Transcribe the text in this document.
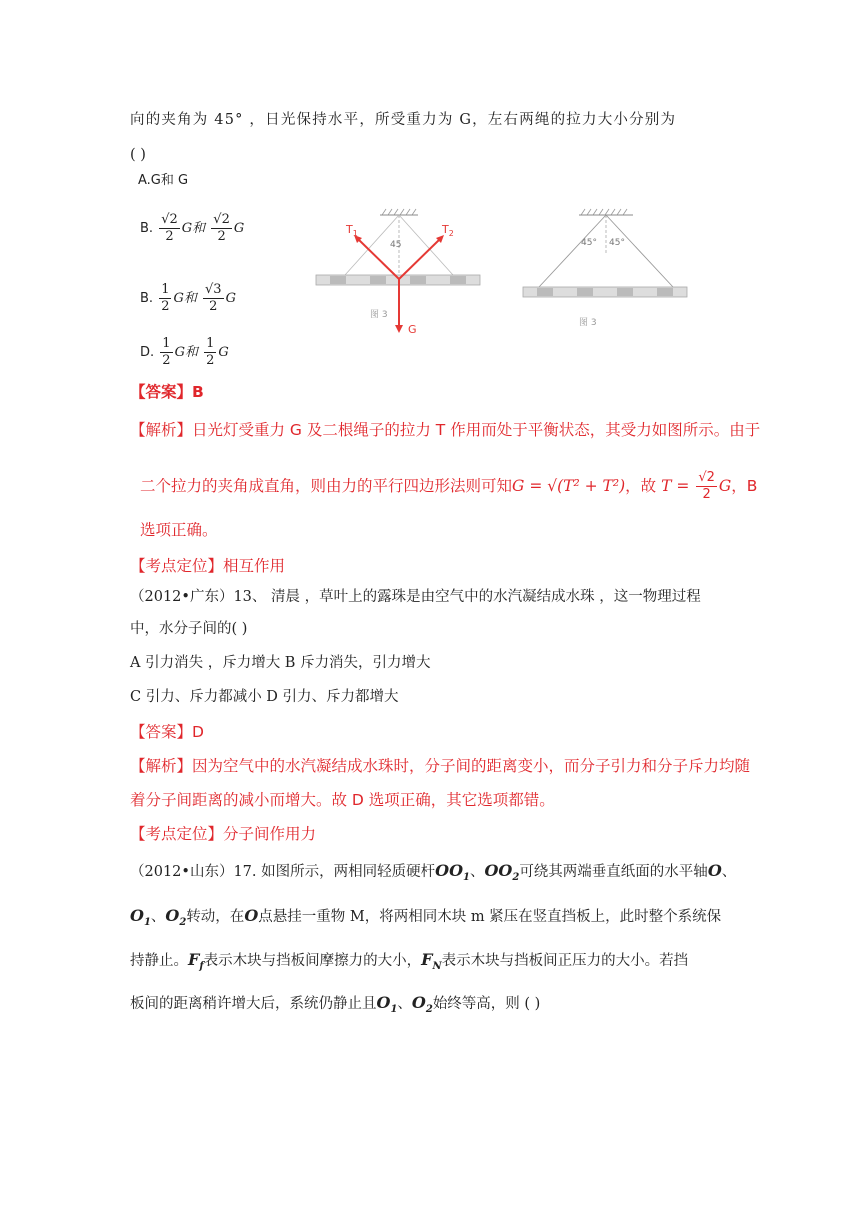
向的夹角为 45° ，日光保持水平，所受重力为 G，左右两绳的拉力大小分别为
( )
A.G和 G
B. $\frac{√2}{2}$ G和 $\frac{√2}{2}$ G
B. $\frac{1}{2}$ G和 $\frac{√3}{2}$ G
D. $\frac{1}{2}$ G和 $\frac{1}{2}$ G
45
$T_1$	$T_2$
G
图 3
45° 45°
图 3
【答案】B
【解析】日光灯受重力 G 及二根绳子的拉力 T 作用而处于平衡状态，其受力如图所示。由于
二个拉力的夹角成直角，则由力的平行四边形法则可知G = √(T² + T²)，故 $T = \frac{√2}{2}$ G，B
选项正确。
【考点定位】相互作用
（2012•广东）13、 清晨 ，草叶上的露珠是由空气中的水汽凝结成水珠 ，这一物理过程
中，水分子间的( )
A 引力消失 ，斥力增大 B 斥力消失，引力增大
C 引力、斥力都减小 D 引力、斥力都增大
【答案】D
【解析】因为空气中的水汽凝结成水珠时，分子间的距离变小，而分子引力和分子斥力均随
着分子间距离的减小而增大。故 D 选项正确，其它选项都错。
【考点定位】分子间作用力
（2012•山东）17. 如图所示，两相同轻质硬杆$OO_1$、$OO_2$可绕其两端垂直纸面的水平轴O、
$O_1$、$O_2$转动，在O点悬挂一重物 M，将两相同木块 m 紧压在竖直挡板上，此时整个系统保
持静止。$F_f$表示木块与挡板间摩擦力的大小，$F_N$表示木块与挡板间正压力的大小。若挡
板间的距离稍许增大后，系统仍静止且$O_1$、$O_2$始终等高，则 ( )
